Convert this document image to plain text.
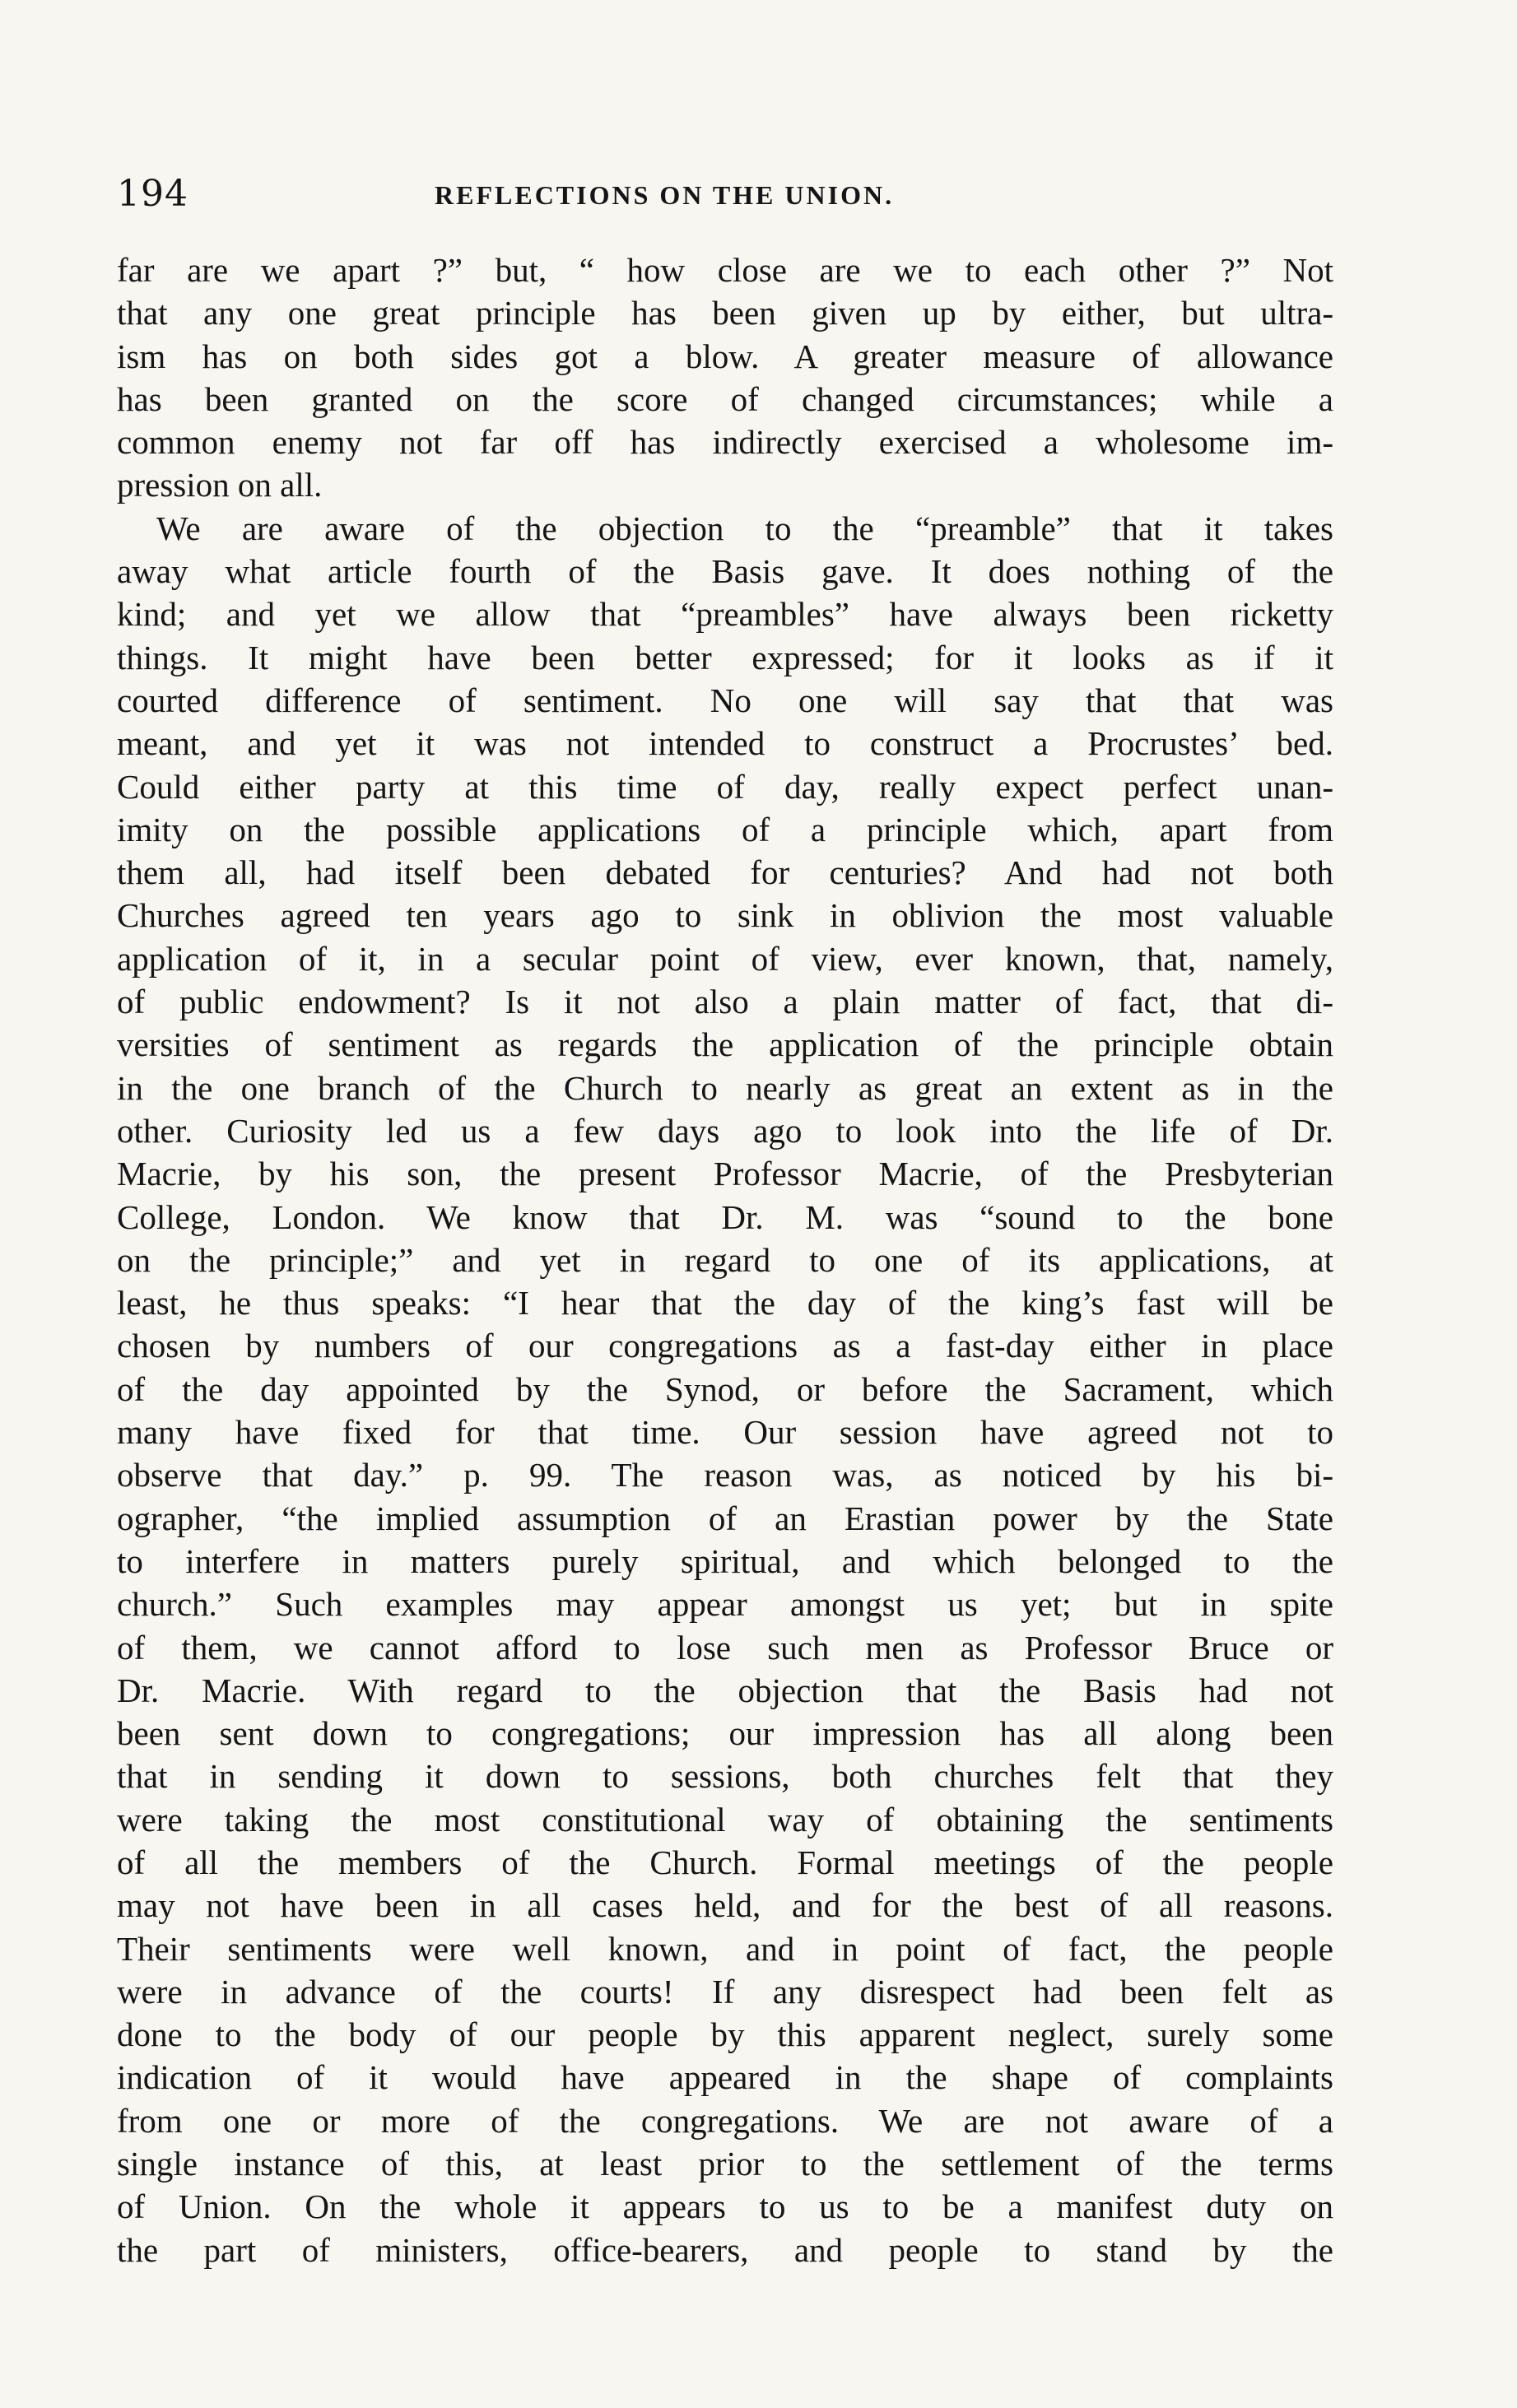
194	REFLECTIONS ON THE UNION.
far are we apart ?” but, “ how close are we to each other ?” Not
that any one great principle has been given up by either, but ultra-
ism has on both sides got a blow. A greater measure of allowance
has been granted on the score of changed circumstances; while a
common enemy not far off has indirectly exercised a wholesome im-
pression on all.
We are aware of the objection to the “preamble” that it takes
away what article fourth of the Basis gave. It does nothing of the
kind; and yet we allow that “preambles” have always been ricketty
things. It might have been better expressed; for it looks as if it
courted difference of sentiment. No one will say that that was
meant, and yet it was not intended to construct a Procrustes’ bed.
Could either party at this time of day, really expect perfect unan-
imity on the possible applications of a principle which, apart from
them all, had itself been debated for centuries? And had not both
Churches agreed ten years ago to sink in oblivion the most valuable
application of it, in a secular point of view, ever known, that, namely,
of public endowment? Is it not also a plain matter of fact, that di-
versities of sentiment as regards the application of the principle obtain
in the one branch of the Church to nearly as great an extent as in the
other. Curiosity led us a few days ago to look into the life of Dr.
Macrie, by his son, the present Professor Macrie, of the Presbyterian
College, London. We know that Dr. M. was “sound to the bone
on the principle;” and yet in regard to one of its applications, at
least, he thus speaks: “I hear that the day of the king’s fast will be
chosen by numbers of our congregations as a fast-day either in place
of the day appointed by the Synod, or before the Sacrament, which
many have fixed for that time. Our session have agreed not to
observe that day.” p. 99. The reason was, as noticed by his bi-
ographer, “the implied assumption of an Erastian power by the State
to interfere in matters purely spiritual, and which belonged to the
church.” Such examples may appear amongst us yet; but in spite
of them, we cannot afford to lose such men as Professor Bruce or
Dr. Macrie. With regard to the objection that the Basis had not
been sent down to congregations; our impression has all along been
that in sending it down to sessions, both churches felt that they
were taking the most constitutional way of obtaining the sentiments
of all the members of the Church. Formal meetings of the people
may not have been in all cases held, and for the best of all reasons.
Their sentiments were well known, and in point of fact, the people
were in advance of the courts! If any disrespect had been felt as
done to the body of our people by this apparent neglect, surely some
indication of it would have appeared in the shape of complaints
from one or more of the congregations. We are not aware of a
single instance of this, at least prior to the settlement of the terms
of Union. On the whole it appears to us to be a manifest duty on
the part of ministers, office-bearers, and people to stand by the
